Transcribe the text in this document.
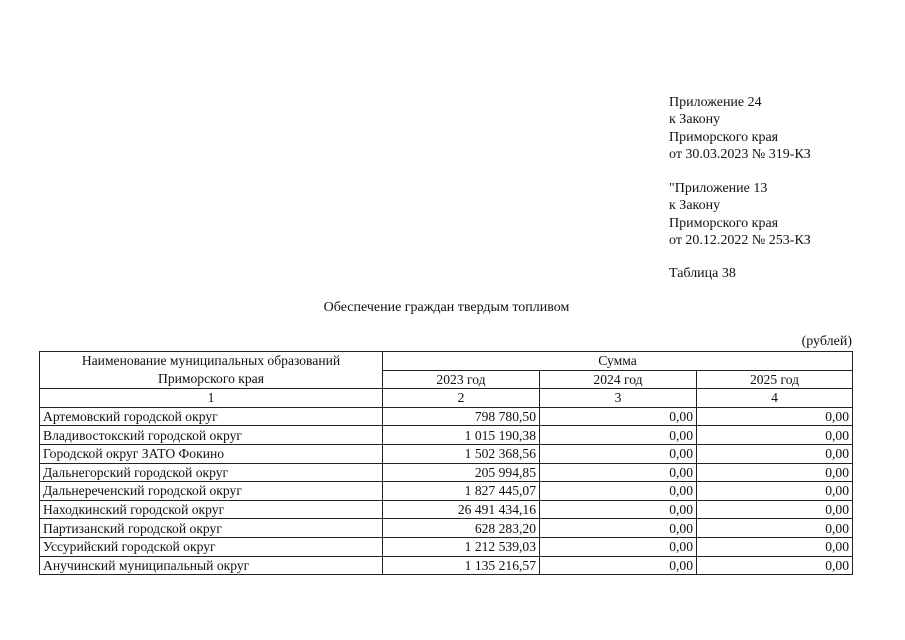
Приложение 24
к Закону
Приморского края
от 30.03.2023 № 319-КЗ
"Приложение 13
к Закону
Приморского края
от 20.12.2022 № 253-КЗ
Таблица 38
Обеспечение граждан твердым топливом
(рублей)
Наименование муниципальных образований
Приморского края	Сумма		
	2023 год	2024 год	2025 год
1	2	3	4
Артемовский городской округ	798 780,50	0,00	0,00
Владивостокский городской округ	1 015 190,38	0,00	0,00
Городской округ ЗАТО Фокино	1 502 368,56	0,00	0,00
Дальнегорский городской округ	205 994,85	0,00	0,00
Дальнереченский городской округ	1 827 445,07	0,00	0,00
Находкинский городской округ	26 491 434,16	0,00	0,00
Партизанский городской округ	628 283,20	0,00	0,00
Уссурийский городской округ	1 212 539,03	0,00	0,00
Анучинский муниципальный округ	1 135 216,57	0,00	0,00
